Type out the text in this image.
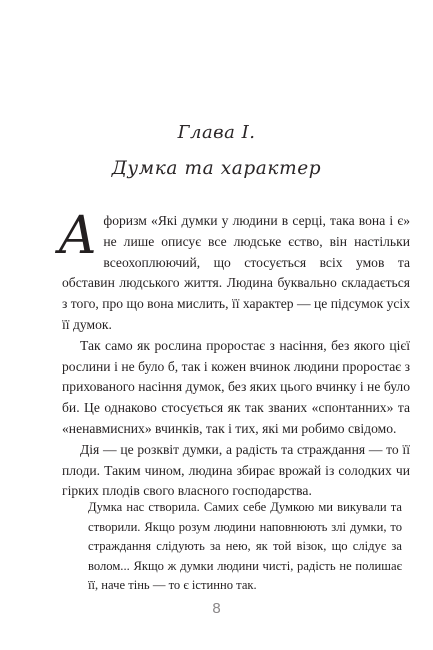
Глава I.
Думка та характер

Афоризм «Які думки у людини в серці, така вона і є» не лише описує все людське єство, він настільки всеохоплюючий, що стосується всіх умов та обставин людського життя. Людина буквально складається з того, про що вона мислить, її характер — це підсумок усіх її думок.

Так само як рослина проростає з насіння, без якого цієї рослини і не було б, так і кожен вчинок людини проростає з прихованого насіння думок, без яких цього вчинку і не було би. Це однаково стосується як так званих «спонтанних» та «ненавмисних» вчинків, так і тих, які ми робимо свідомо.

Дія — це розквіт думки, а радість та страждання — то її плоди. Таким чином, людина збирає врожай із солодких чи гірких плодів свого власного господарства.

Думка нас створила. Самих себе Думкою ми викували та створили. Якщо розум людини наповнюють злі думки, то страждання слідують за нею, як той візок, що слідує за волом... Якщо ж думки людини чисті, радість не полишає її, наче тінь — то є істинно так.

8
